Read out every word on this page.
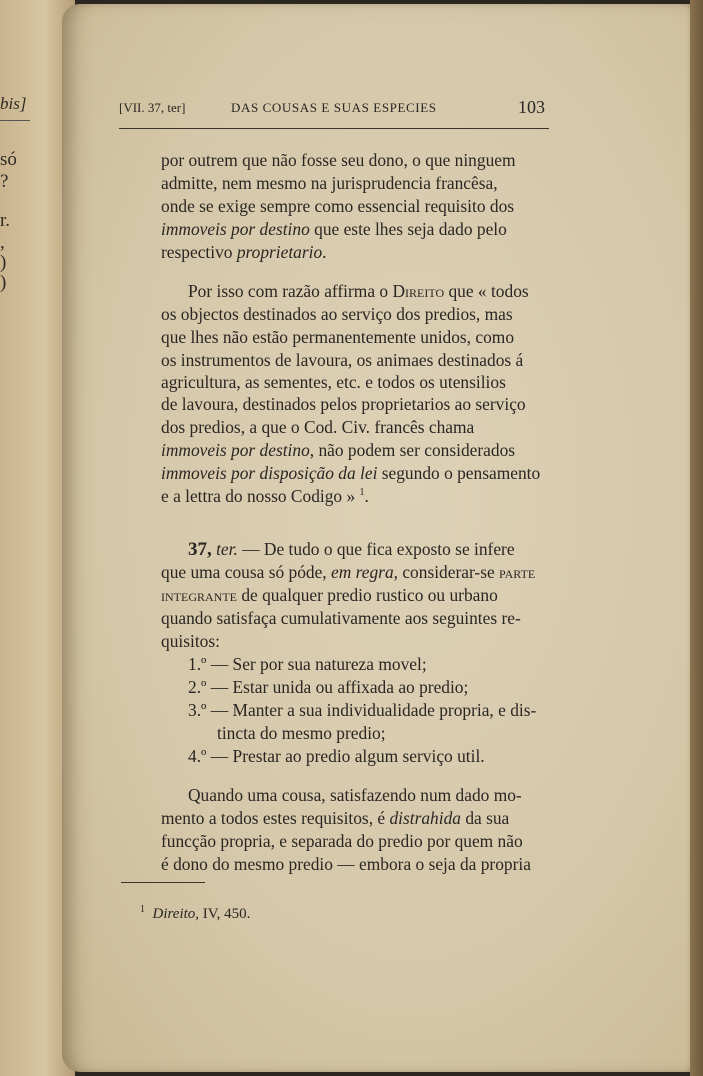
bis]
só
?
r.
,
)
)
[VII. 37, ter]	DAS COUSAS E SUAS ESPECIES	103
por outrem que não fosse seu dono, o que ninguem
admitte, nem mesmo na jurisprudencia francêsa,
onde se exige sempre como essencial requisito dos
immoveis por destino que este lhes seja dado pelo
respectivo proprietario.
Por isso com razão affirma o Direito que « todos
os objectos destinados ao serviço dos predios, mas
que lhes não estão permanentemente unidos, como
os instrumentos de lavoura, os animaes destinados á
agricultura, as sementes, etc. e todos os utensilios
de lavoura, destinados pelos proprietarios ao serviço
dos predios, a que o Cod. Civ. francês chama
immoveis por destino, não podem ser considerados
immoveis por disposição da lei segundo o pensamento
e a lettra do nosso Codigo » $^1$.
37, ter. — De tudo o que fica exposto se infere
que uma cousa só póde, em regra, considerar-se parte
integrante de qualquer predio rustico ou urbano
quando satisfaça cumulativamente aos seguintes re-
quisitos:
1.º — Ser por sua natureza movel;
2.º — Estar unida ou affixada ao predio;
3.º — Manter a sua individualidade propria, e dis-
tincta do mesmo predio;
4.º — Prestar ao predio algum serviço util.
Quando uma cousa, satisfazendo num dado mo-
mento a todos estes requisitos, é distrahida da sua
funcção propria, e separada do predio por quem não
é dono do mesmo predio — embora o seja da propria
$^1$ Direito, IV, 450.
